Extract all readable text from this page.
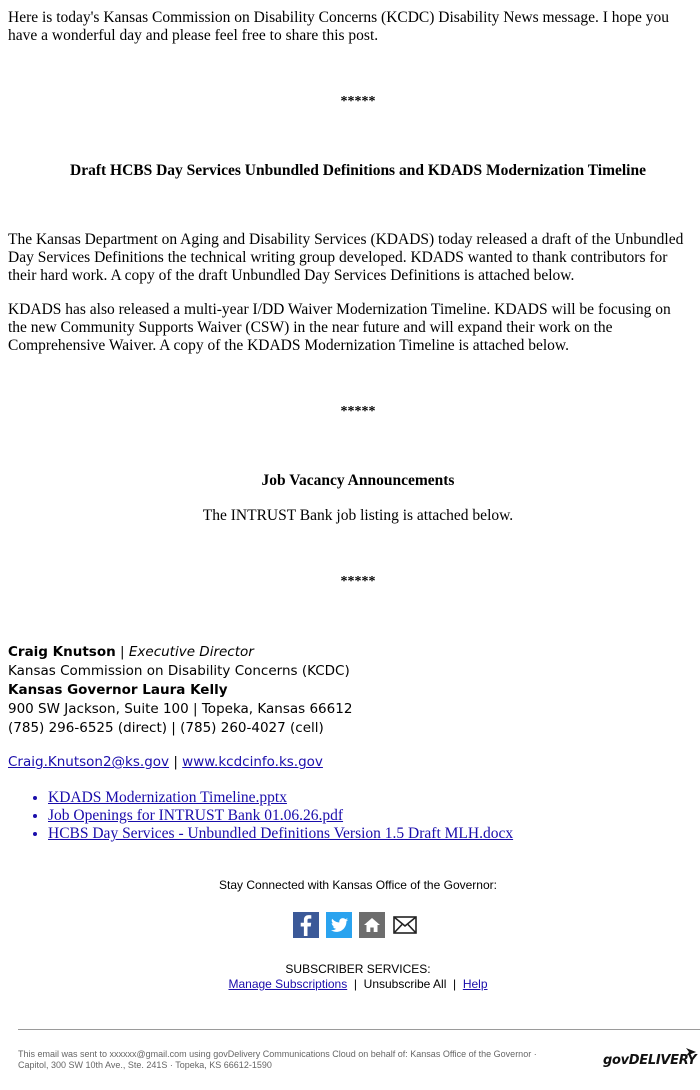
Here is today's Kansas Commission on Disability Concerns (KCDC) Disability News message. I hope you
have a wonderful day and please feel free to share this post.
*****
Draft HCBS Day Services Unbundled Definitions and KDADS Modernization Timeline
The Kansas Department on Aging and Disability Services (KDADS) today released a draft of the Unbundled
Day Services Definitions the technical writing group developed. KDADS wanted to thank contributors for
their hard work. A copy of the draft Unbundled Day Services Definitions is attached below.
KDADS has also released a multi-year I/DD Waiver Modernization Timeline. KDADS will be focusing on
the new Community Supports Waiver (CSW) in the near future and will expand their work on the
Comprehensive Waiver. A copy of the KDADS Modernization Timeline is attached below.
*****
Job Vacancy Announcements
The INTRUST Bank job listing is attached below.
*****
Craig Knutson | Executive Director
Kansas Commission on Disability Concerns (KCDC)
Kansas Governor Laura Kelly
900 SW Jackson, Suite 100 | Topeka, Kansas 66612
(785) 296-6525 (direct) | (785) 260-4027 (cell)
Craig.Knutson2@ks.gov | www.kcdcinfo.ks.gov
• KDADS Modernization Timeline.pptx
• Job Openings for INTRUST Bank 01.06.26.pdf
• HCBS Day Services - Unbundled Definitions Version 1.5 Draft MLH.docx
Stay Connected with Kansas Office of the Governor:
SUBSCRIBER SERVICES:
Manage Subscriptions  |  Unsubscribe All  |  Help
This email was sent to xxxxxx@gmail.com using govDelivery Communications Cloud on behalf of: Kansas Office of the Governor ·
Capitol, 300 SW 10th Ave., Ste. 241S · Topeka, KS 66612-1590	govDELIVERY
